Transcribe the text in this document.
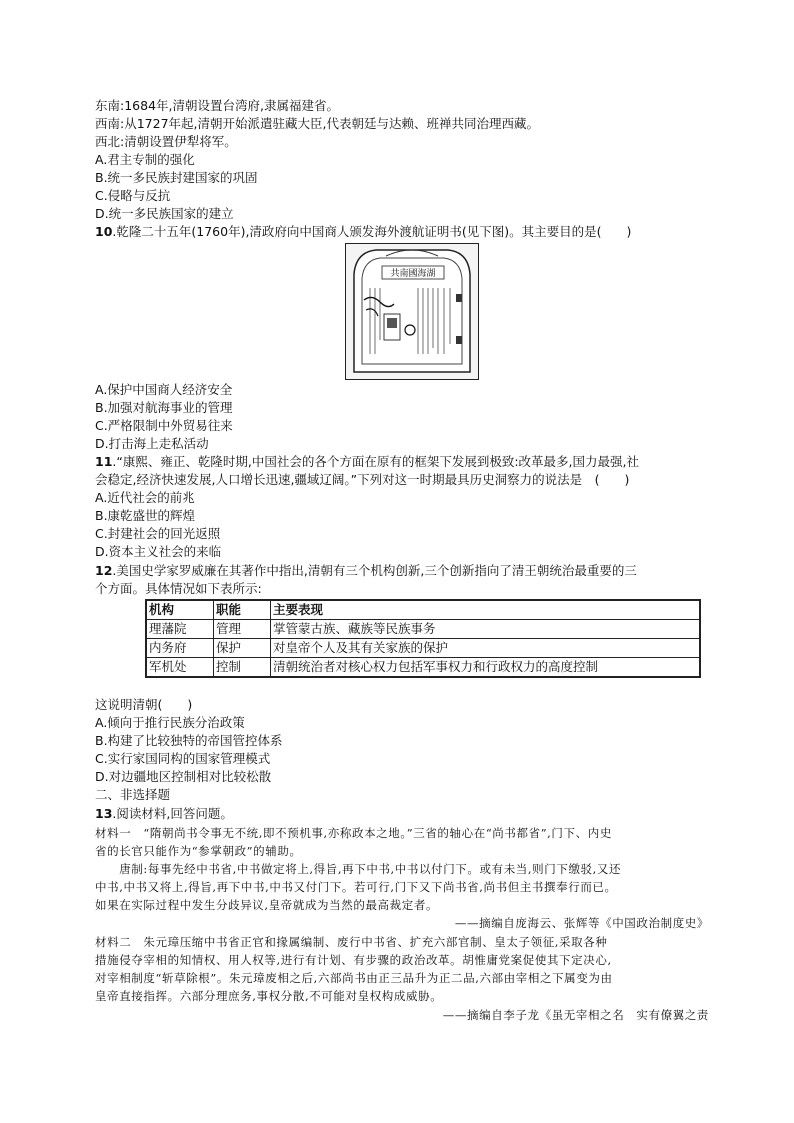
东南:1684年,清朝设置台湾府,隶属福建省。
西南:从1727年起,清朝开始派遣驻藏大臣,代表朝廷与达赖、班禅共同治理西藏。
西北:清朝设置伊犁将军。
A.君主专制的强化
B.统一多民族封建国家的巩固
C.侵略与反抗
D.统一多民族国家的建立
10.乾隆二十五年(1760年),清政府向中国商人颁发海外渡航证明书(见下图)。其主要目的是(　　)
共南國海湖
A.保护中国商人经济安全
B.加强对航海事业的管理
C.严格限制中外贸易往来
D.打击海上走私活动
11.“康熙、雍正、乾隆时期,中国社会的各个方面在原有的框架下发展到极致:改革最多,国力最强,社
会稳定,经济快速发展,人口增长迅速,疆域辽阔。”下列对这一时期最具历史洞察力的说法是　(　　)
A.近代社会的前兆
B.康乾盛世的辉煌
C.封建社会的回光返照
D.资本主义社会的来临
12.美国史学家罗威廉在其著作中指出,清朝有三个机构创新,三个创新指向了清王朝统治最重要的三
个方面。具体情况如下表所示:
机构	职能	主要表现
理藩院	管理	掌管蒙古族、藏族等民族事务
内务府	保护	对皇帝个人及其有关家族的保护
军机处	控制	清朝统治者对核心权力包括军事权力和行政权力的高度控制
这说明清朝(　　)
A.倾向于推行民族分治政策
B.构建了比较独特的帝国管控体系
C.实行家国同构的国家管理模式
D.对边疆地区控制相对比较松散
二、非选择题
13.阅读材料,回答问题。
材料一　“隋朝尚书令事无不统,即不预机事,亦称政本之地。”三省的轴心在“尚书都省”,门下、内史
省的长官只能作为“参掌朝政”的辅助。
　　唐制:每事先经中书省,中书做定将上,得旨,再下中书,中书以付门下。或有未当,则门下缴驳,又还
中书,中书又将上,得旨,再下中书,中书又付门下。若可行,门下又下尚书省,尚书但主书撰奉行而已。
如果在实际过程中发生分歧异议,皇帝就成为当然的最高裁定者。
——摘编自庞海云、张辉等《中国政治制度史》
材料二　朱元璋压缩中书省正官和掾属编制、废行中书省、扩充六部官制、皇太子领征,采取各种
措施侵夺宰相的知情权、用人权等,进行有计划、有步骤的政治改革。胡惟庸党案促使其下定决心,
对宰相制度“斩草除根”。朱元璋废相之后,六部尚书由正三品升为正二品,六部由宰相之下属变为由
皇帝直接指挥。六部分理庶务,事权分散,不可能对皇权构成威胁。
——摘编自李子龙《虽无宰相之名　实有僚翼之责
